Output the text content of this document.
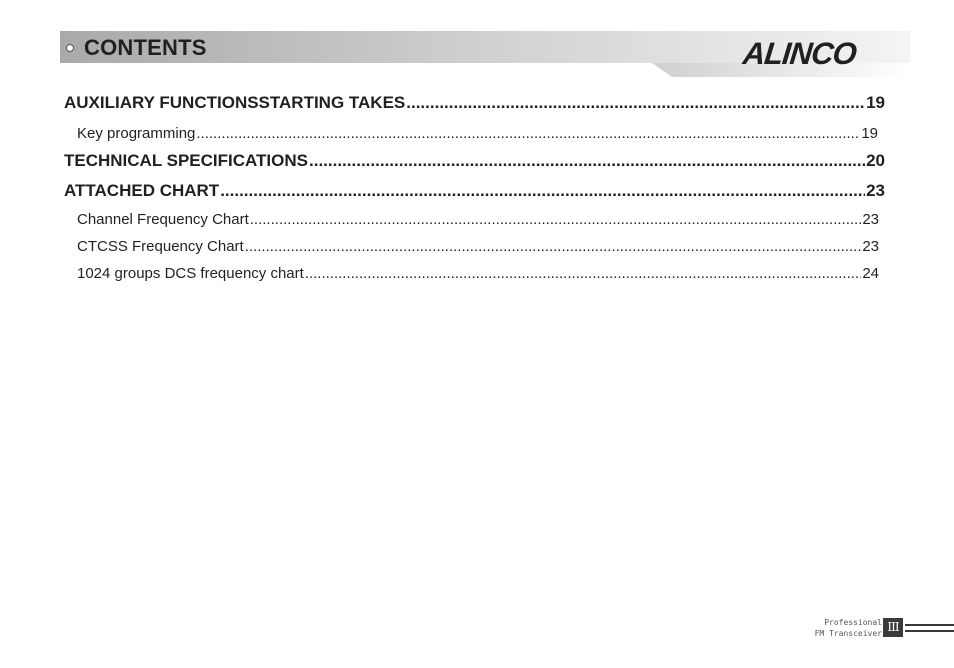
CONTENTS	ALINCO
AUXILIARY FUNCTIONSSTARTING TAKES .....	19
Key programming .....	19
TECHNICAL SPECIFICATIONS .....	20
ATTACHED CHART .....	23
Channel Frequency Chart .....	23
CTCSS Frequency Chart .....	23
1024 groups DCS frequency chart .....	24
Professional
FM Transceiver III
